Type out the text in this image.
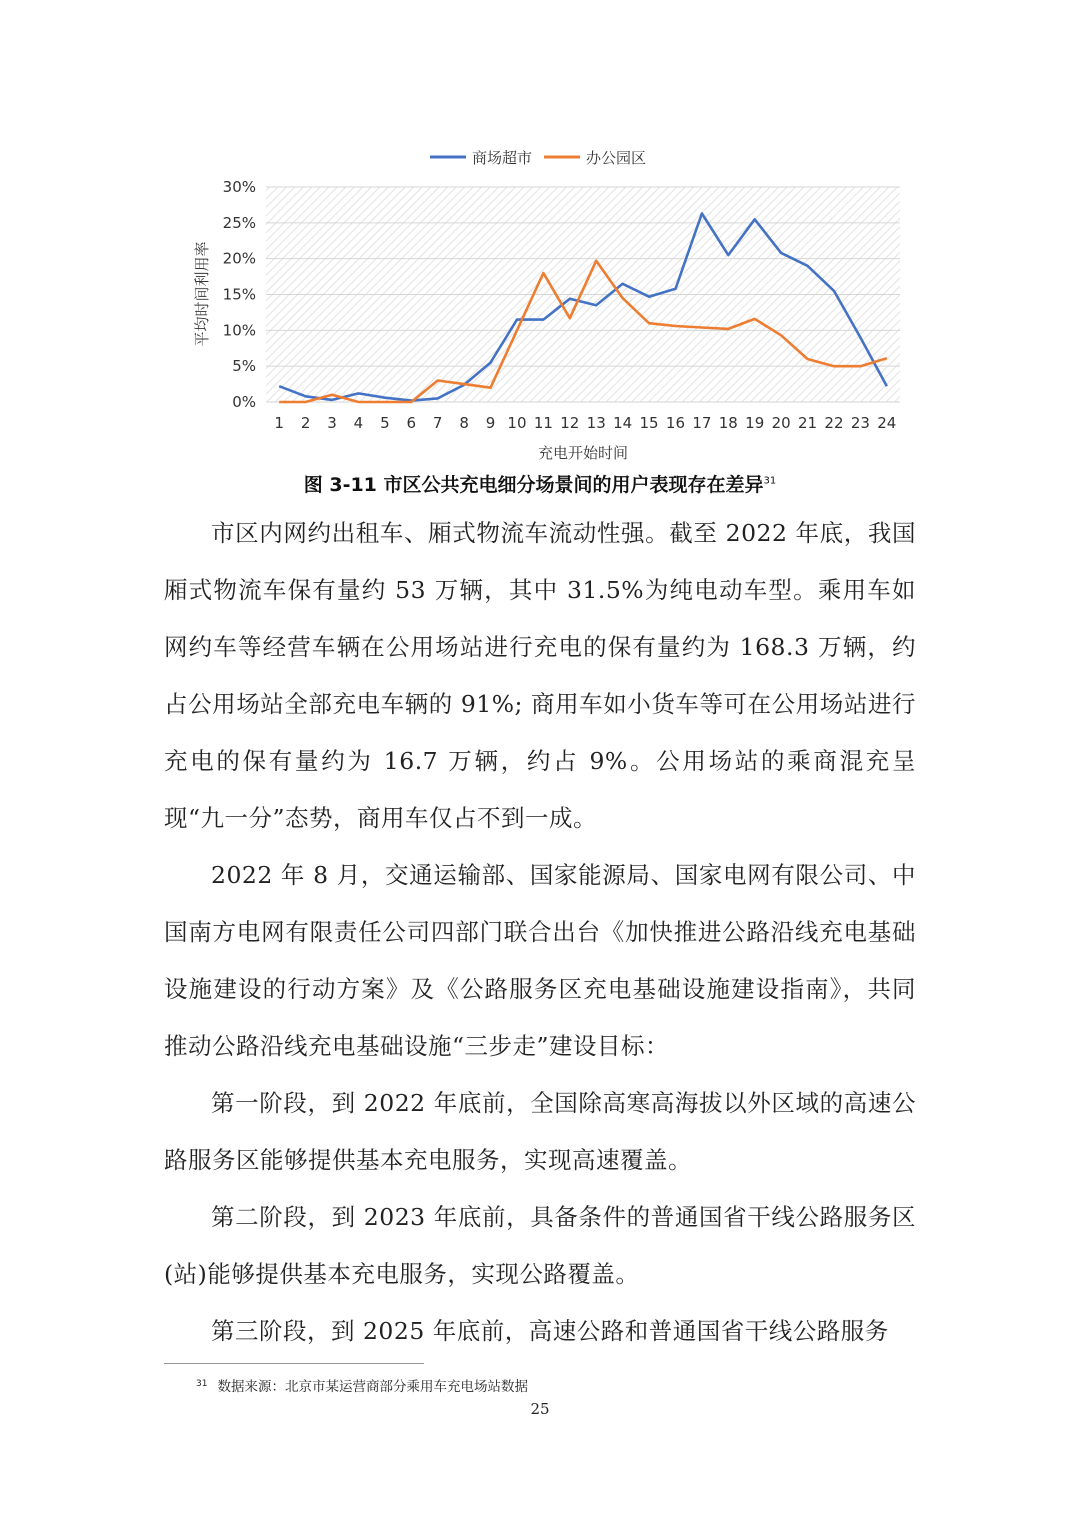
商场超市	办公园区
0%
5%
10%
15%
20%
25%
30%
1 2 3 4 5 6 7 8 9 10 11 12 13 14 15 16 17 18 19 20 21 22 23 24
充电开始时间
平均时间利用率
图 3-11 市区公共充电细分场景间的用户表现存在差异$^{31}$

市区内网约出租车、厢式物流车流动性强。截至 2022 年底，我国厢式物流车保有量约 53 万辆，其中 31.5%为纯电动车型。乘用车如网约车等经营车辆在公用场站进行充电的保有量约为 168.3 万辆，约占公用场站全部充电车辆的 91%; 商用车如小货车等可在公用场站进行充电的保有量约为 16.7 万辆，约占 9%。公用场站的乘商混充呈现“九一分”态势，商用车仅占不到一成。

2022 年 8 月，交通运输部、国家能源局、国家电网有限公司、中国南方电网有限责任公司四部门联合出台《加快推进公路沿线充电基础设施建设的行动方案》及《公路服务区充电基础设施建设指南》，共同推动公路沿线充电基础设施“三步走”建设目标：

第一阶段，到 2022 年底前，全国除高寒高海拔以外区域的高速公路服务区能够提供基本充电服务，实现高速覆盖。

第二阶段，到 2023 年底前，具备条件的普通国省干线公路服务区(站)能够提供基本充电服务，实现公路覆盖。

第三阶段，到 2025 年底前，高速公路和普通国省干线公路服务

$^{31}$ 数据来源：北京市某运营商部分乘用车充电场站数据
25
